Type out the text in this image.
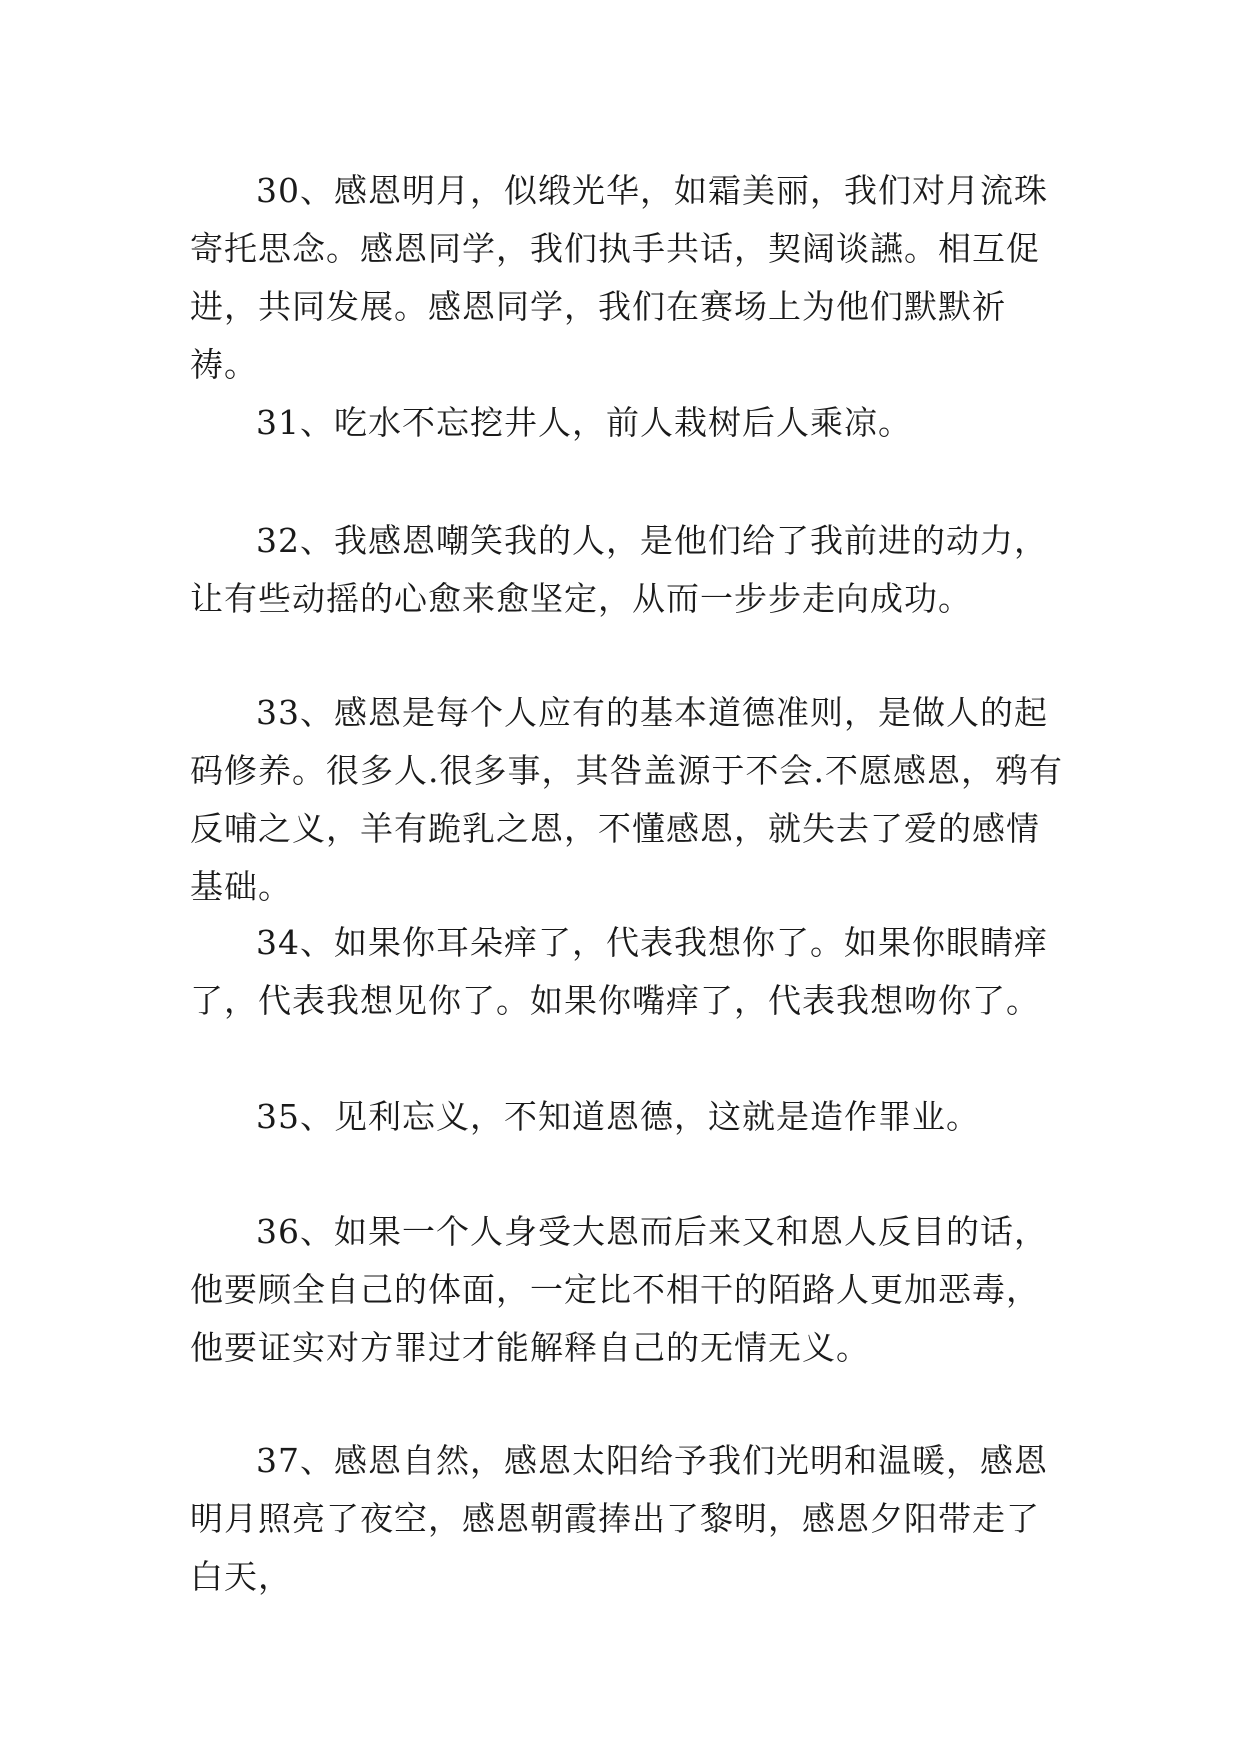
30、感恩明月，似缎光华，如霜美丽，我们对月流珠寄托思念。感恩同学，我们执手共话，契阔谈讌。相互促进，共同发展。感恩同学，我们在赛场上为他们默默祈祷。

31、吃水不忘挖井人，前人栽树后人乘凉。

32、我感恩嘲笑我的人，是他们给了我前进的动力，让有些动摇的心愈来愈坚定，从而一步步走向成功。

33、感恩是每个人应有的基本道德准则，是做人的起码修养。很多人.很多事，其咎盖源于不会.不愿感恩，鸦有反哺之义，羊有跪乳之恩，不懂感恩，就失去了爱的感情基础。

34、如果你耳朵痒了，代表我想你了。如果你眼睛痒了，代表我想见你了。如果你嘴痒了，代表我想吻你了。

35、见利忘义，不知道恩德，这就是造作罪业。

36、如果一个人身受大恩而后来又和恩人反目的话，他要顾全自己的体面，一定比不相干的陌路人更加恶毒，他要证实对方罪过才能解释自己的无情无义。

37、感恩自然，感恩太阳给予我们光明和温暖，感恩明月照亮了夜空，感恩朝霞捧出了黎明，感恩夕阳带走了白天，
